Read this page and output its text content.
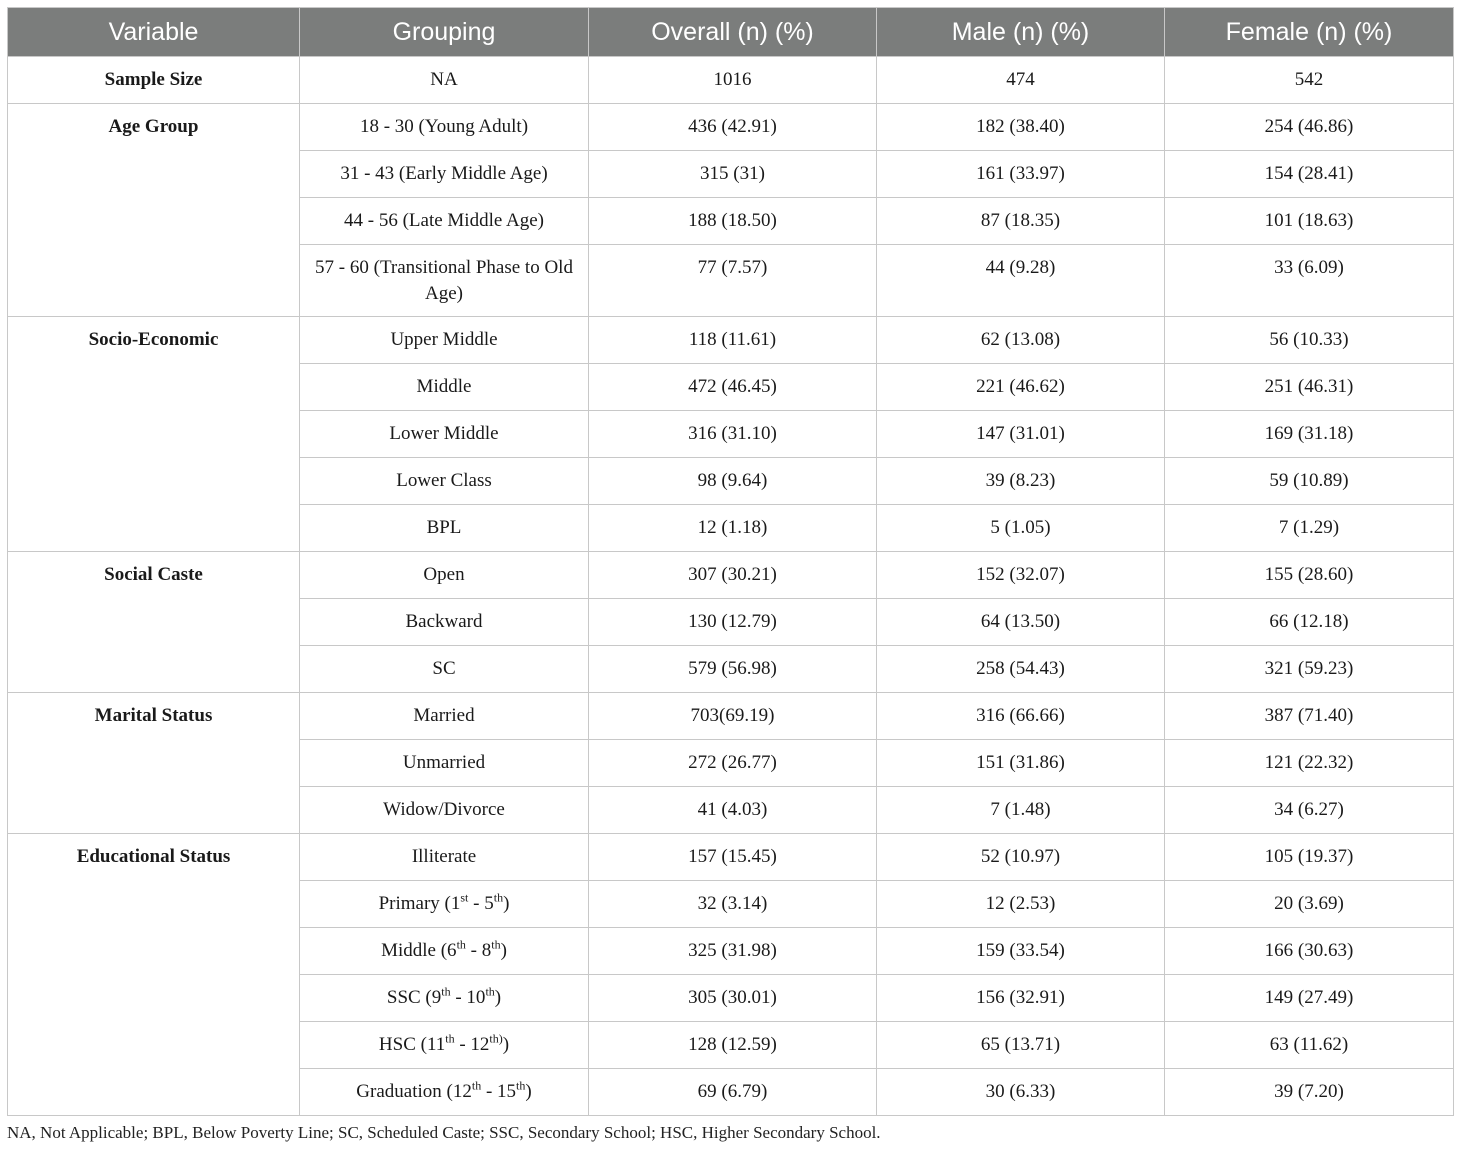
Variable	Grouping	Overall (n) (%)	Male (n) (%)	Female (n) (%)
Sample Size	NA	1016	474	542
Age Group	18 - 30 (Young Adult)	436 (42.91)	182 (38.40)	254 (46.86)
	31 - 43 (Early Middle Age)	315 (31)	161 (33.97)	154 (28.41)
	44 - 56 (Late Middle Age)	188 (18.50)	87 (18.35)	101 (18.63)
	57 - 60 (Transitional Phase to Old Age)	77 (7.57)	44 (9.28)	33 (6.09)
Socio-Economic	Upper Middle	118 (11.61)	62 (13.08)	56 (10.33)
	Middle	472 (46.45)	221 (46.62)	251 (46.31)
	Lower Middle	316 (31.10)	147 (31.01)	169 (31.18)
	Lower Class	98 (9.64)	39 (8.23)	59 (10.89)
	BPL	12 (1.18)	5 (1.05)	7 (1.29)
Social Caste	Open	307 (30.21)	152 (32.07)	155 (28.60)
	Backward	130 (12.79)	64 (13.50)	66 (12.18)
	SC	579 (56.98)	258 (54.43)	321 (59.23)
Marital Status	Married	703(69.19)	316 (66.66)	387 (71.40)
	Unmarried	272 (26.77)	151 (31.86)	121 (22.32)
	Widow/Divorce	41 (4.03)	7 (1.48)	34 (6.27)
Educational Status	Illiterate	157 (15.45)	52 (10.97)	105 (19.37)
	Primary (1st - 5th)	32 (3.14)	12 (2.53)	20 (3.69)
	Middle (6th - 8th)	325 (31.98)	159 (33.54)	166 (30.63)
	SSC (9th - 10th)	305 (30.01)	156 (32.91)	149 (27.49)
	HSC $(11th - 12^{th)})$	128 (12.59)	65 (13.71)	63 (11.62)
	Graduation (12th - 15th)	69 (6.79)	30 (6.33)	39 (7.20)
NA, Not Applicable; BPL, Below Poverty Line; SC, Scheduled Caste; SSC, Secondary School; HSC, Higher Secondary School.
